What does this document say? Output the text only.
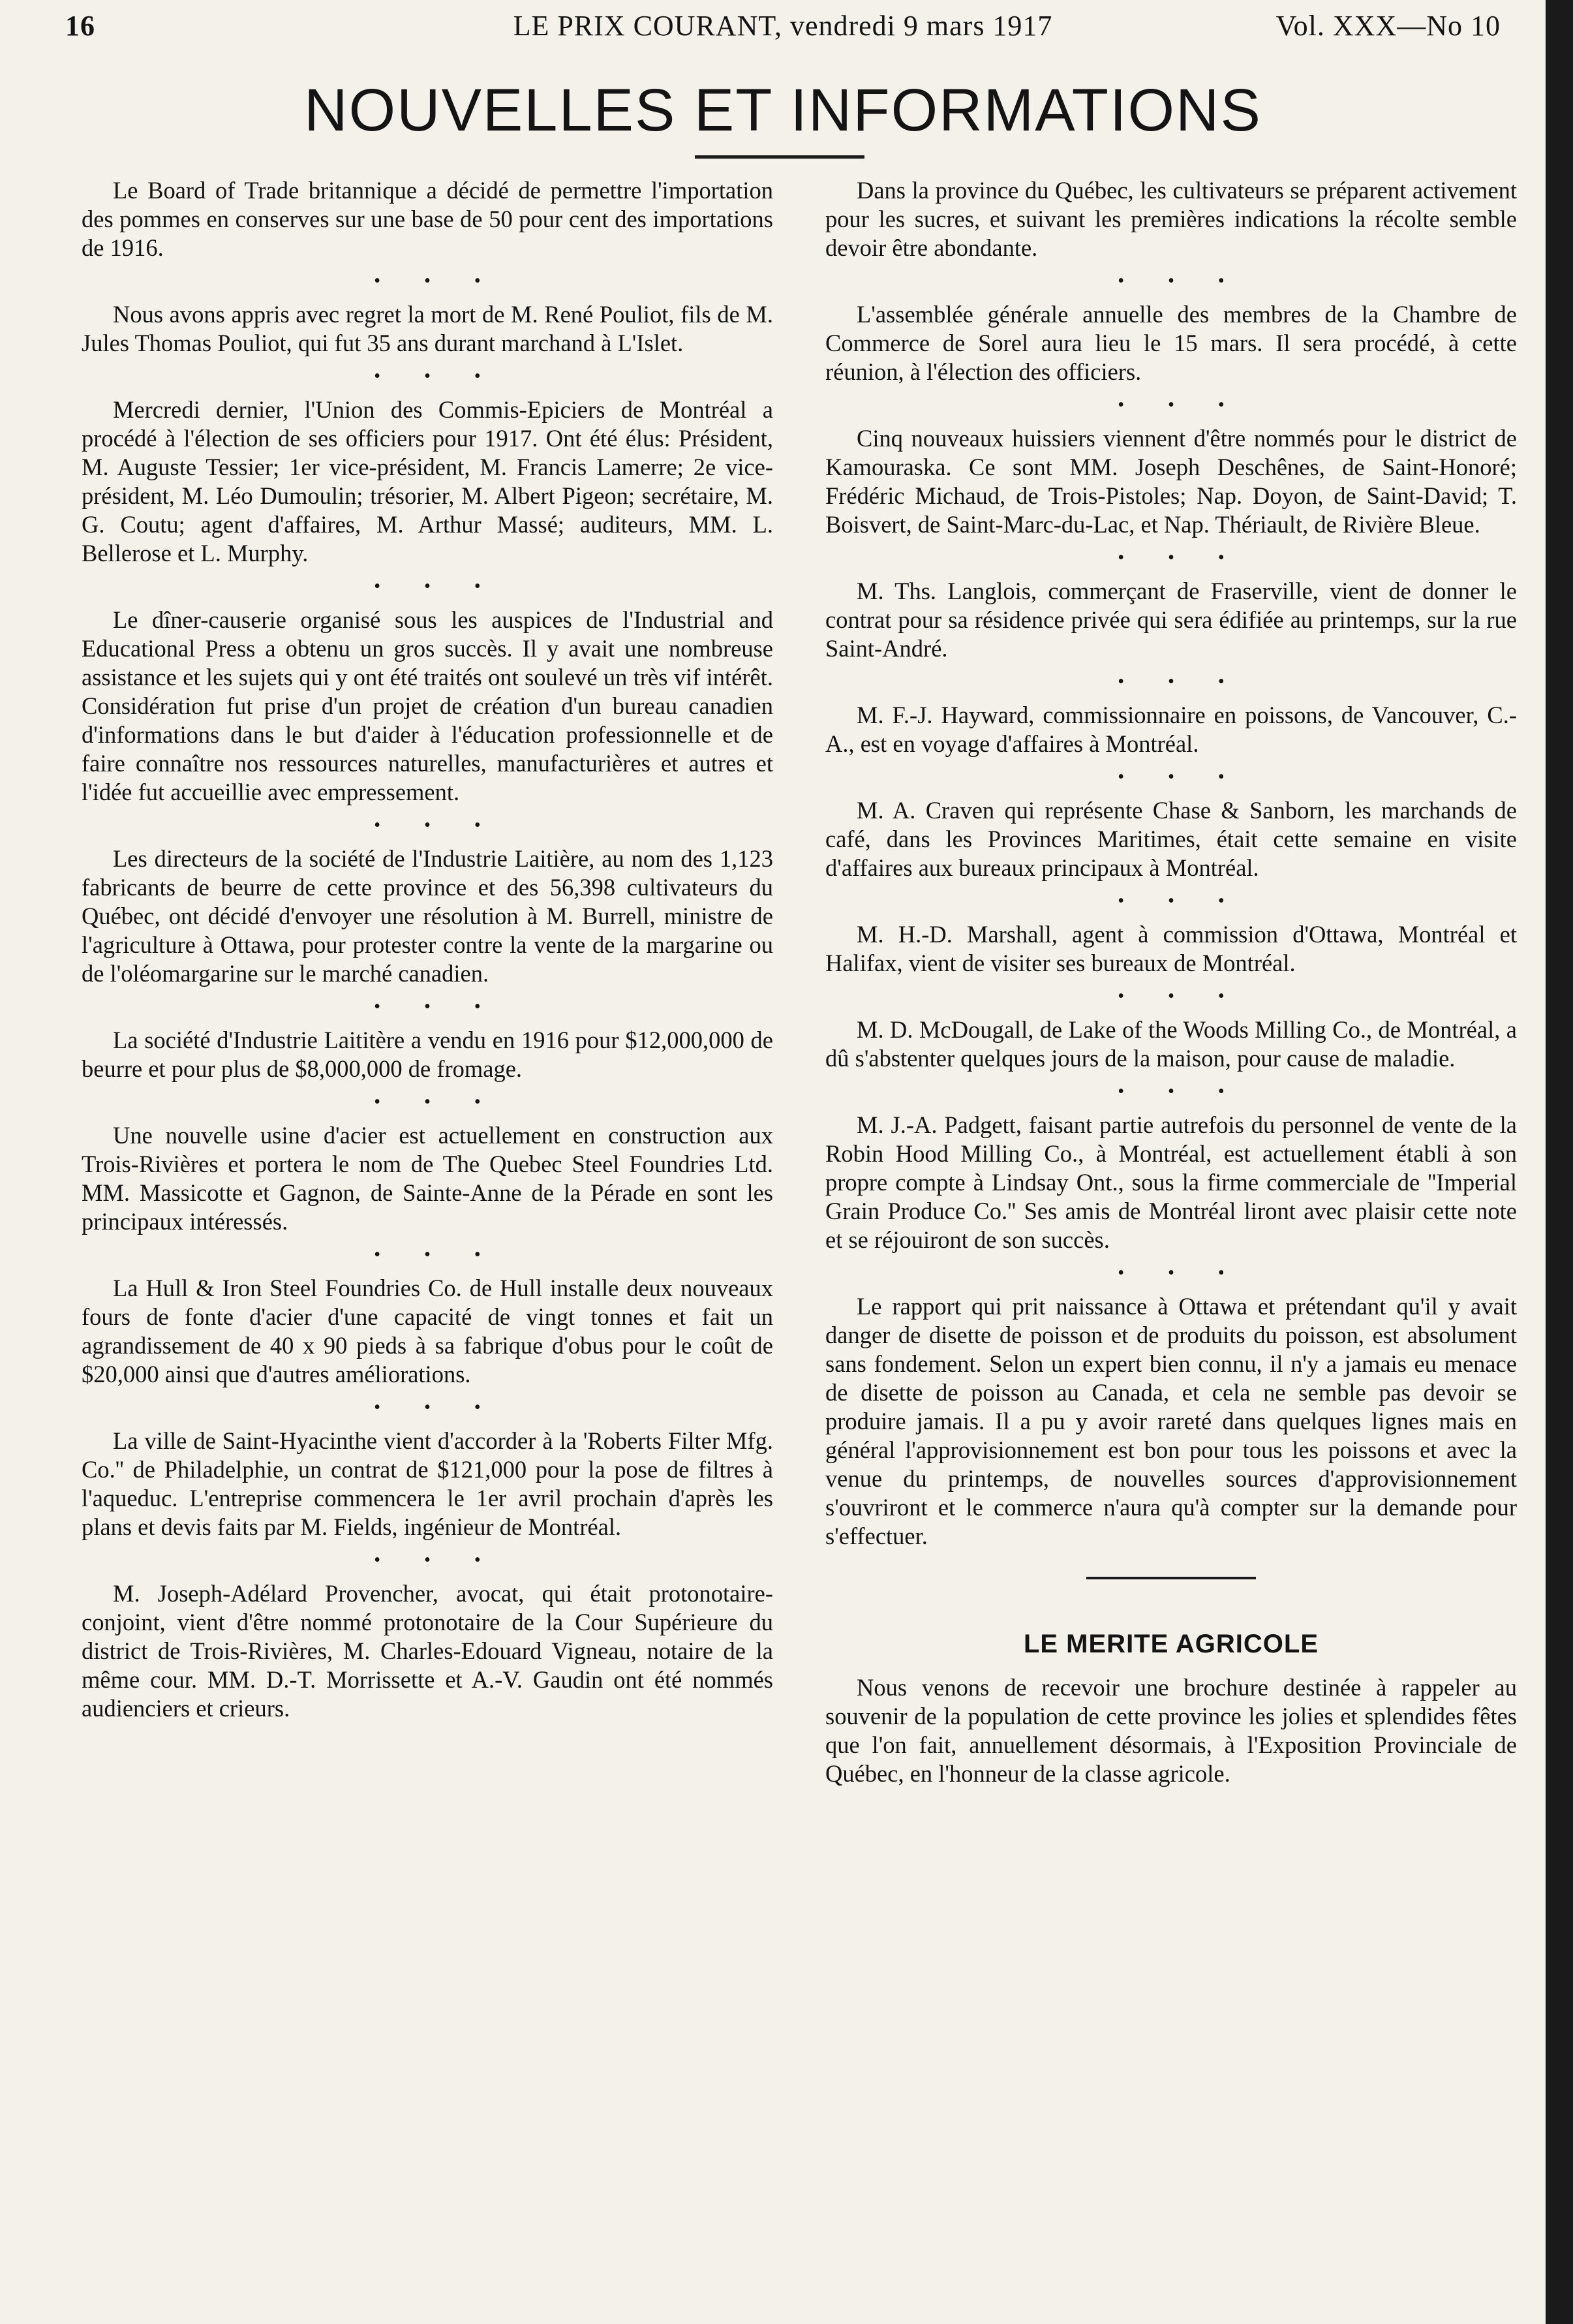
16	LE PRIX COURANT, vendredi 9 mars 1917	Vol. XXX—No 10
NOUVELLES ET INFORMATIONS

Le Board of Trade britannique a décidé de permettre l'importation des pommes en conserves sur une base de 50 pour cent des importations de 1916.

• • •

Nous avons appris avec regret la mort de M. René Pouliot, fils de M. Jules Thomas Pouliot, qui fut 35 ans durant marchand à L'Islet.

• • •

Mercredi dernier, l'Union des Commis-Epiciers de Montréal a procédé à l'élection de ses officiers pour 1917. Ont été élus: Président, M. Auguste Tessier; 1er vice-président, M. Francis Lamerre; 2e vice-président, M. Léo Dumoulin; trésorier, M. Albert Pigeon; secrétaire, M. G. Coutu; agent d'affaires, M. Arthur Massé; auditeurs, MM. L. Bellerose et L. Murphy.

• • •

Le dîner-causerie organisé sous les auspices de l'Industrial and Educational Press a obtenu un gros succès. Il y avait une nombreuse assistance et les sujets qui y ont été traités ont soulevé un très vif intérêt. Considération fut prise d'un projet de création d'un bureau canadien d'informations dans le but d'aider à l'éducation professionnelle et de faire connaître nos ressources naturelles, manufacturières et autres et l'idée fut accueillie avec empressement.

• • •

Les directeurs de la société de l'Industrie Laitière, au nom des 1,123 fabricants de beurre de cette province et des 56,398 cultivateurs du Québec, ont décidé d'envoyer une résolution à M. Burrell, ministre de l'agriculture à Ottawa, pour protester contre la vente de la margarine ou de l'oléomargarine sur le marché canadien.

• • •

La société d'Industrie Laititère a vendu en 1916 pour $12,000,000 de beurre et pour plus de $8,000,000 de fromage.

• • •

Une nouvelle usine d'acier est actuellement en construction aux Trois-Rivières et portera le nom de The Quebec Steel Foundries Ltd. MM. Massicotte et Gagnon, de Sainte-Anne de la Pérade en sont les principaux intéressés.

• • •

La Hull & Iron Steel Foundries Co. de Hull installe deux nouveaux fours de fonte d'acier d'une capacité de vingt tonnes et fait un agrandissement de 40 x 90 pieds à sa fabrique d'obus pour le coût de $20,000 ainsi que d'autres améliorations.

• • •

La ville de Saint-Hyacinthe vient d'accorder à la 'Roberts Filter Mfg. Co.'' de Philadelphie, un contrat de $121,000 pour la pose de filtres à l'aqueduc. L'entreprise commencera le 1er avril prochain d'après les plans et devis faits par M. Fields, ingénieur de Montréal.

• • •

M. Joseph-Adélard Provencher, avocat, qui était protonotaire-conjoint, vient d'être nommé protonotaire de la Cour Supérieure du district de Trois-Rivières, M. Charles-Edouard Vigneau, notaire de la même cour. MM. D.-T. Morrissette et A.-V. Gaudin ont été nommés audienciers et crieurs.

Dans la province du Québec, les cultivateurs se préparent activement pour les sucres, et suivant les premières indications la récolte semble devoir être abondante.

• • •

L'assemblée générale annuelle des membres de la Chambre de Commerce de Sorel aura lieu le 15 mars. Il sera procédé, à cette réunion, à l'élection des officiers.

• • •

Cinq nouveaux huissiers viennent d'être nommés pour le district de Kamouraska. Ce sont MM. Joseph Deschênes, de Saint-Honoré; Frédéric Michaud, de Trois-Pistoles; Nap. Doyon, de Saint-David; T. Boisvert, de Saint-Marc-du-Lac, et Nap. Thériault, de Rivière Bleue.

• • •

M. Ths. Langlois, commerçant de Fraserville, vient de donner le contrat pour sa résidence privée qui sera édifiée au printemps, sur la rue Saint-André.

• • •

M. F.-J. Hayward, commissionnaire en poissons, de Vancouver, C.-A., est en voyage d'affaires à Montréal.

• • •

M. A. Craven qui représente Chase & Sanborn, les marchands de café, dans les Provinces Maritimes, était cette semaine en visite d'affaires aux bureaux principaux à Montréal.

• • •

M. H.-D. Marshall, agent à commission d'Ottawa, Montréal et Halifax, vient de visiter ses bureaux de Montréal.

• • •

M. D. McDougall, de Lake of the Woods Milling Co., de Montréal, a dû s'abstenter quelques jours de la maison, pour cause de maladie.

• • •

M. J.-A. Padgett, faisant partie autrefois du personnel de vente de la Robin Hood Milling Co., à Montréal, est actuellement établi à son propre compte à Lindsay Ont., sous la firme commerciale de ''Imperial Grain Produce Co.'' Ses amis de Montréal liront avec plaisir cette note et se réjouiront de son succès.

• • •

Le rapport qui prit naissance à Ottawa et prétendant qu'il y avait danger de disette de poisson et de produits du poisson, est absolument sans fondement. Selon un expert bien connu, il n'y a jamais eu menace de disette de poisson au Canada, et cela ne semble pas devoir se produire jamais. Il a pu y avoir rareté dans quelques lignes mais en général l'approvisionnement est bon pour tous les poissons et avec la venue du printemps, de nouvelles sources d'approvisionnement s'ouvriront et le commerce n'aura qu'à compter sur la demande pour s'effectuer.

LE MERITE AGRICOLE

Nous venons de recevoir une brochure destinée à rappeler au souvenir de la population de cette province les jolies et splendides fêtes que l'on fait, annuellement désormais, à l'Exposition Provinciale de Québec, en l'honneur de la classe agricole.
